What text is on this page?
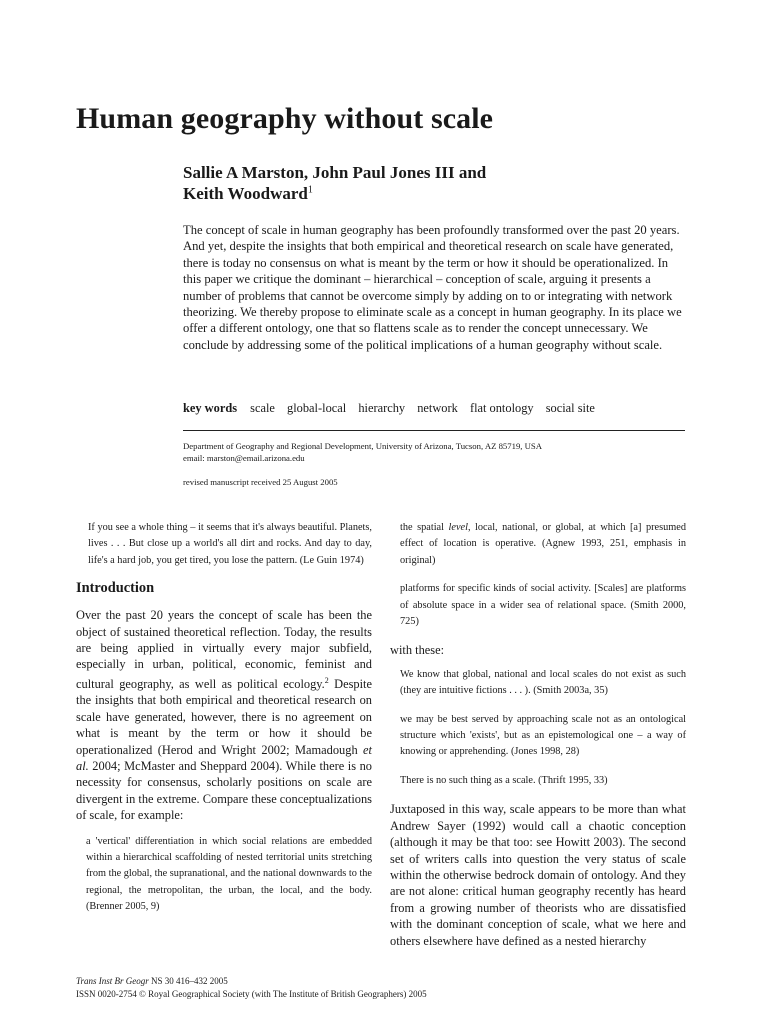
Human geography without scale
Sallie A Marston, John Paul Jones III and
Keith Woodward$^1$
The concept of scale in human geography has been profoundly transformed over the past 20 years. And yet, despite the insights that both empirical and theoretical research on scale have generated, there is today no consensus on what is meant by the term or how it should be operationalized. In this paper we critique the dominant – hierarchical – conception of scale, arguing it presents a number of problems that cannot be overcome simply by adding on to or integrating with network theorizing. We thereby propose to eliminate scale as a concept in human geography. In its place we offer a different ontology, one that so flattens scale as to render the concept unnecessary. We conclude by addressing some of the political implications of a human geography without scale.
key words scale global-local hierarchy network flat ontology social site
Department of Geography and Regional Development, University of Arizona, Tucson, AZ 85719, USA
email: marston@email.arizona.edu
revised manuscript received 25 August 2005
If you see a whole thing – it seems that it's always beautiful. Planets, lives . . . But close up a world's all dirt and rocks. And day to day, life's a hard job, you get tired, you lose the pattern. (Le Guin 1974)
Introduction
Over the past 20 years the concept of scale has been the object of sustained theoretical reflection. Today, the results are being applied in virtually every major subfield, especially in urban, political, economic, feminist and cultural geography, as well as political ecology.$^2$ Despite the insights that both empirical and theoretical research on scale have generated, however, there is no agreement on what is meant by the term or how it should be operationalized (Herod and Wright 2002; Mamadough et al. 2004; McMaster and Sheppard 2004). While there is no necessity for consensus, scholarly positions on scale are divergent in the extreme. Compare these conceptualizations of scale, for example:
a 'vertical' differentiation in which social relations are embedded within a hierarchical scaffolding of nested territorial units stretching from the global, the supranational, and the national downwards to the regional, the metropolitan, the urban, the local, and the body. (Brenner 2005, 9)
the spatial level, local, national, or global, at which [a] presumed effect of location is operative. (Agnew 1993, 251, emphasis in original)
platforms for specific kinds of social activity. [Scales] are platforms of absolute space in a wider sea of relational space. (Smith 2000, 725)
with these:
We know that global, national and local scales do not exist as such (they are intuitive fictions . . . ). (Smith 2003a, 35)
we may be best served by approaching scale not as an ontological structure which 'exists', but as an epistemological one – a way of knowing or apprehending. (Jones 1998, 28)
There is no such thing as a scale. (Thrift 1995, 33)
Juxtaposed in this way, scale appears to be more than what Andrew Sayer (1992) would call a chaotic conception (although it may be that too: see Howitt 2003). The second set of writers calls into question the very status of scale within the otherwise bedrock domain of ontology. And they are not alone: critical human geography recently has heard from a growing number of theorists who are dissatisfied with the dominant conception of scale, what we here and others elsewhere have defined as a nested hierarchy
Trans Inst Br Geogr NS 30 416–432 2005
ISSN 0020-2754 © Royal Geographical Society (with The Institute of British Geographers) 2005
